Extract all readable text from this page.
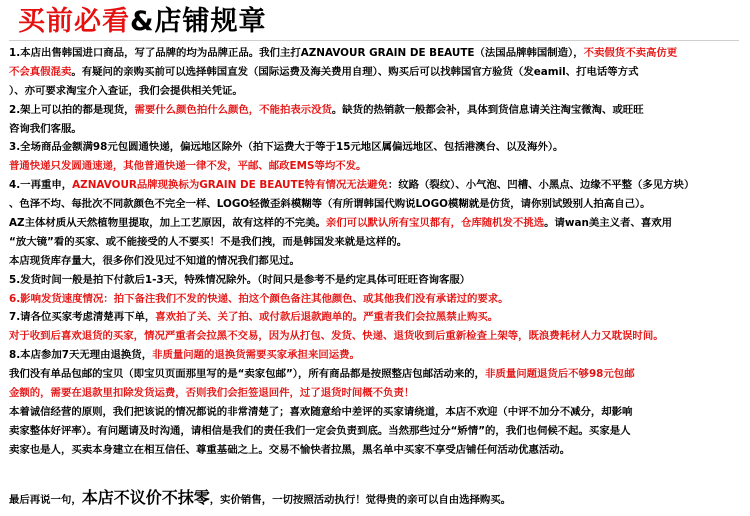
买前必看&店铺规章
1.本店出售韩国进口商品，写了品牌的均为品牌正品。我们主打AZNAVOUR GRAIN DE BEAUTE（法国品牌韩国制造），不卖假货不卖高仿更
不会真假混卖。有疑问的亲购买前可以选择韩国直发（国际运费及海关费用自理）、购买后可以找韩国官方验货（发eamil、打电话等方式
）、亦可要求淘宝介入查证，我们会提供相关凭证。
2.架上可以拍的都是现货，需要什么颜色拍什么颜色，不能拍表示没货。缺货的热销款一般都会补，具体到货信息请关注淘宝微淘、或旺旺
咨询我们客服。
3.全场商品金额满98元包圆通快递，偏远地区除外（拍下运费大于等于15元地区属偏远地区、包括港澳台、以及海外）。
普通快递只发圆通速递，其他普通快递一律不发，平邮、邮政EMS等均不发。
4.一再重申，AZNAVOUR品牌现换标为GRAIN DE BEAUTE特有情况无法避免：纹路（裂纹）、小气泡、凹槽、小黑点、边缘不平整（多见方块）
、色泽不均、每批次不同款颜色不完全一样、LOGO轻微歪斜模糊等（有所谓韩国代购说LOGO模糊就是仿货，请你别试毁别人拍高自己）。
AZ主体材质从天然植物里提取，加上工艺原因，故有这样的不完美。亲们可以默认所有宝贝都有，仓库随机发不挑选。请wan美主义者、喜欢用
“放大镜”看的买家、或不能接受的人不要买！不是我们拽，而是韩国发来就是这样的。
本店现货库存量大，很多你们没见过不知道的情况我们都见过。
5.发货时间一般是拍下付款后1-3天，特殊情况除外。（时间只是参考不是约定具体可旺旺咨询客服）
6.影响发货速度情况：拍下备注我们不发的快递、拍这个颜色备注其他颜色、或其他我们没有承诺过的要求。
7.请各位买家考虑清楚再下单，喜欢拍了关、关了拍、或付款后退款跑单的。严重者我们会拉黑禁止购买。
对于收到后喜欢退货的买家，情况严重者会拉黑不交易，因为从打包、发货、快递、退货收到后重新检查上架等，既浪费耗材人力又耽误时间。
8.本店参加7天无理由退换货，非质量问题的退换货需要买家承担来回运费。
我们没有单品包邮的宝贝（即宝贝页面那里写的是“卖家包邮”），所有商品都是按照整店包邮活动来的，非质量问题退货后不够98元包邮
金额的，需要在退款里扣除发货运费，否则我们会拒签退回件，过了退货时间概不负责！
本着诚信经营的原则，我们把该说的情况都说的非常清楚了；喜欢随意给中差评的买家请绕道，本店不欢迎（中评不加分不减分，却影响
卖家整体好评率）。有问题请及时沟通，请相信是我们的责任我们一定会负责到底。当然那些过分“矫情”的，我们也伺候不起。买家是人
卖家也是人，买卖本身建立在相互信任、尊重基础之上。交易不愉快者拉黑，黑名单中买家不享受店铺任何活动优惠活动。
最后再说一句，本店不议价不抹零，实价销售，一切按照活动执行！觉得贵的亲可以自由选择购买。
